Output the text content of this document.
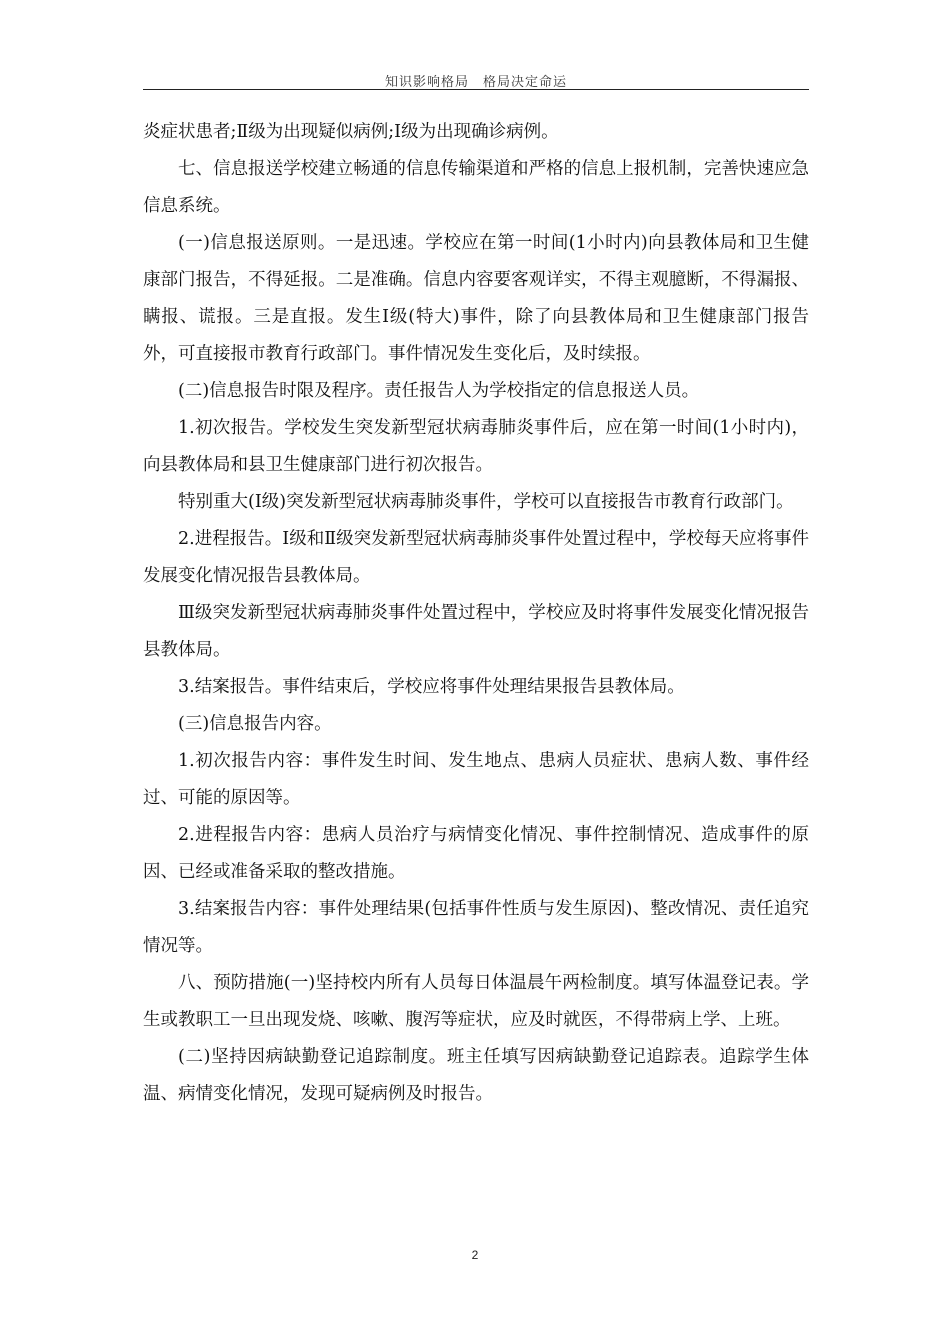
知识影响格局　格局决定命运

炎症状患者;Ⅱ级为出现疑似病例;Ⅰ级为出现确诊病例。

七、信息报送学校建立畅通的信息传输渠道和严格的信息上报机制，完善快速应急信息系统。

(一)信息报送原则。一是迅速。学校应在第一时间(1小时内)向县教体局和卫生健康部门报告，不得延报。二是准确。信息内容要客观详实，不得主观臆断，不得漏报、瞒报、谎报。三是直报。发生Ⅰ级(特大)事件，除了向县教体局和卫生健康部门报告外，可直接报市教育行政部门。事件情况发生变化后，及时续报。

(二)信息报告时限及程序。责任报告人为学校指定的信息报送人员。

1.初次报告。学校发生突发新型冠状病毒肺炎事件后，应在第一时间(1小时内)，向县教体局和县卫生健康部门进行初次报告。

特别重大(Ⅰ级)突发新型冠状病毒肺炎事件，学校可以直接报告市教育行政部门。

2.进程报告。Ⅰ级和Ⅱ级突发新型冠状病毒肺炎事件处置过程中，学校每天应将事件发展变化情况报告县教体局。

Ⅲ级突发新型冠状病毒肺炎事件处置过程中，学校应及时将事件发展变化情况报告县教体局。

3.结案报告。事件结束后，学校应将事件处理结果报告县教体局。

(三)信息报告内容。

1.初次报告内容：事件发生时间、发生地点、患病人员症状、患病人数、事件经过、可能的原因等。

2.进程报告内容：患病人员治疗与病情变化情况、事件控制情况、造成事件的原因、已经或准备采取的整改措施。

3.结案报告内容：事件处理结果(包括事件性质与发生原因)、整改情况、责任追究情况等。

八、预防措施(一)坚持校内所有人员每日体温晨午两检制度。填写体温登记表。学生或教职工一旦出现发烧、咳嗽、腹泻等症状，应及时就医，不得带病上学、上班。

(二)坚持因病缺勤登记追踪制度。班主任填写因病缺勤登记追踪表。追踪学生体温、病情变化情况，发现可疑病例及时报告。

2
